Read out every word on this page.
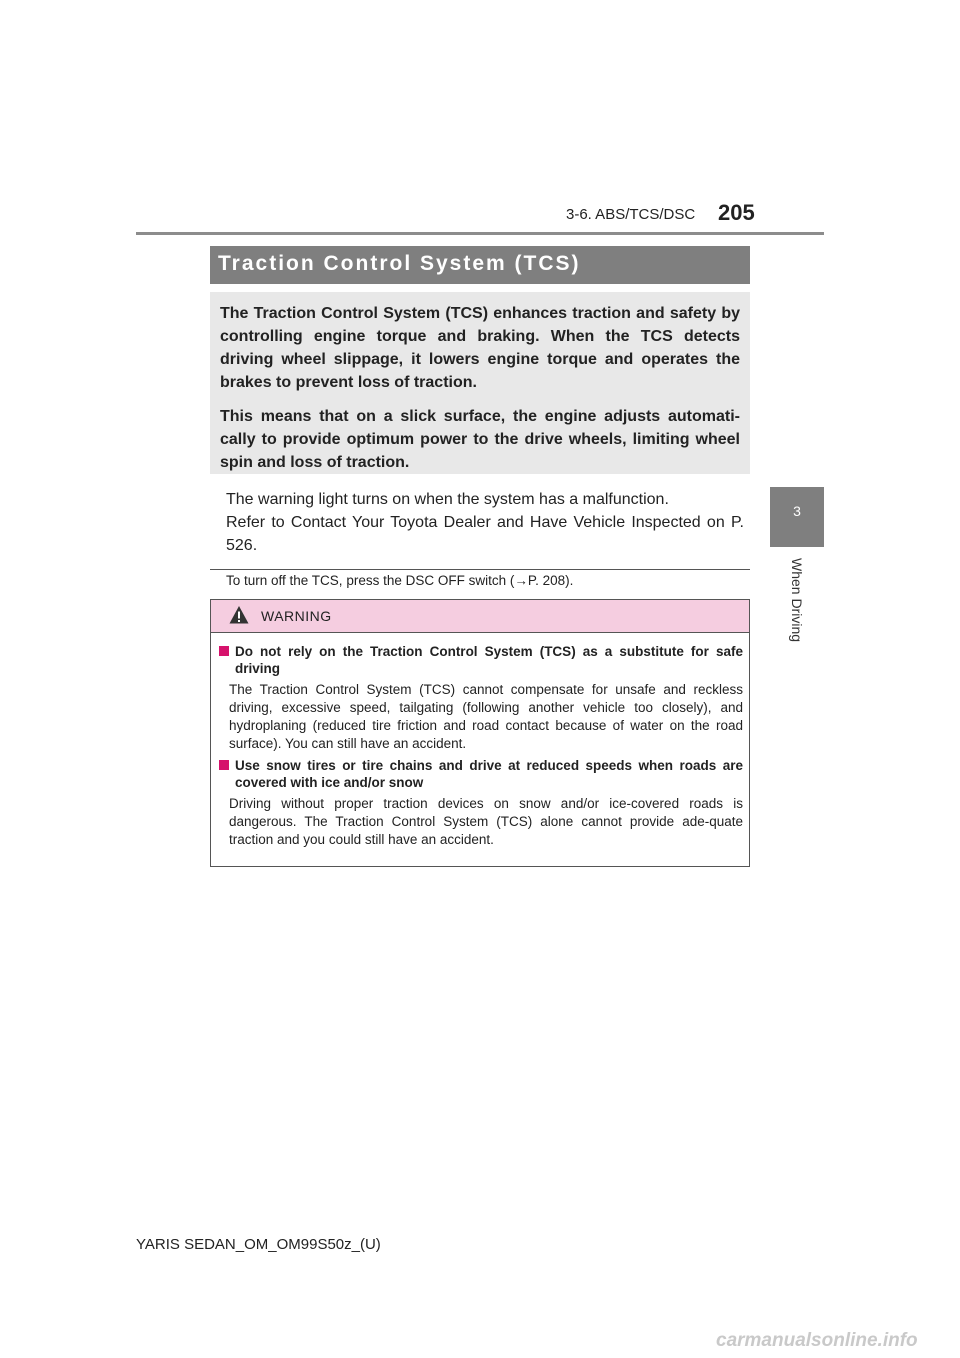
3-6. ABS/TCS/DSC 205
3
When Driving
Traction Control System (TCS)

The Traction Control System (TCS) enhances traction and safety by controlling engine torque and braking. When the TCS detects driving wheel slippage, it lowers engine torque and operates the brakes to prevent loss of traction.

This means that on a slick surface, the engine adjusts automati-cally to provide optimum power to the drive wheels, limiting wheel spin and loss of traction.

The warning light turns on when the system has a malfunction.

Refer to Contact Your Toyota Dealer and Have Vehicle Inspected on P. 526.

To turn off the TCS, press the DSC OFF switch (→P. 208).
WARNING
Do not rely on the Traction Control System (TCS) as a substitute for safe driving
The Traction Control System (TCS) cannot compensate for unsafe and reckless driving, excessive speed, tailgating (following another vehicle too closely), and hydroplaning (reduced tire friction and road contact because of water on the road surface). You can still have an accident.
Use snow tires or tire chains and drive at reduced speeds when roads are covered with ice and/or snow
Driving without proper traction devices on snow and/or ice-covered roads is dangerous. The Traction Control System (TCS) alone cannot provide ade-quate traction and you could still have an accident.
YARIS SEDAN_OM_OM99S50z_(U)
carmanualsonline.info
